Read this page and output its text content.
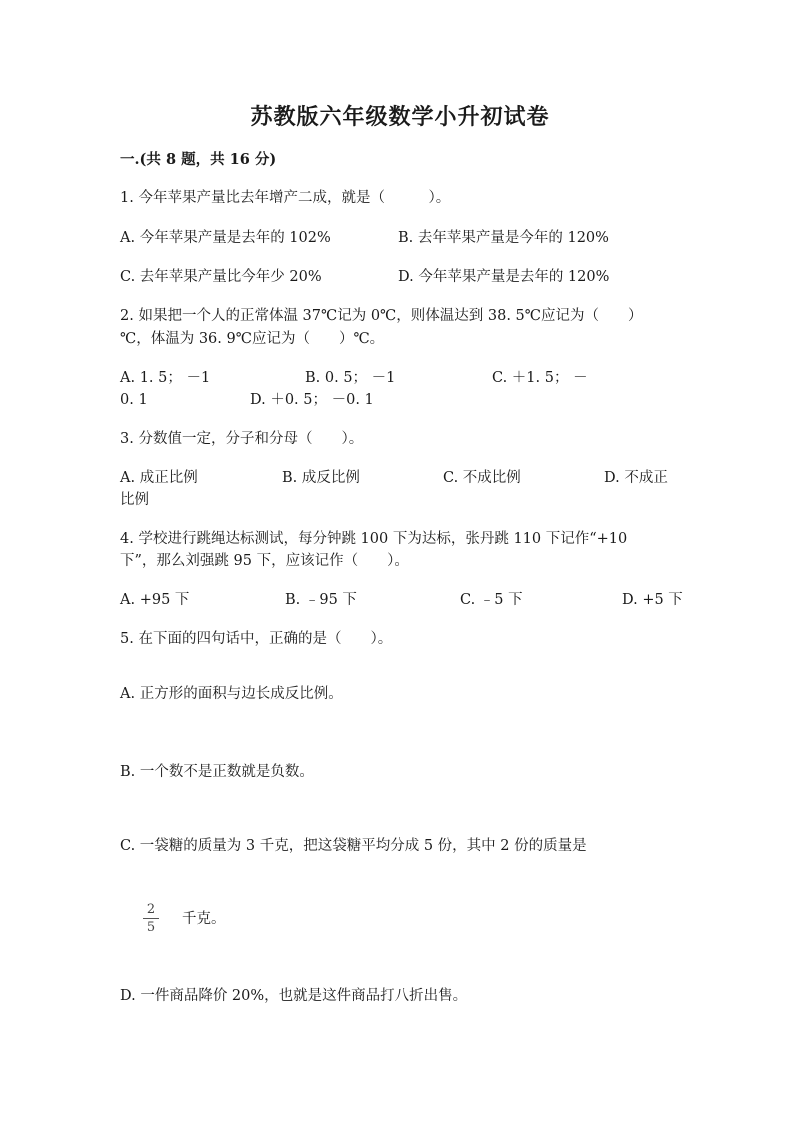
苏教版六年级数学小升初试卷
一.(共 8 题，共 16 分)
1. 今年苹果产量比去年增产二成，就是（　　　）。
A. 今年苹果产量是去年的 102%	B. 去年苹果产量是今年的 120%
C. 去年苹果产量比今年少 20%	D. 今年苹果产量是去年的 120%
2. 如果把一个人的正常体温 37℃记为 0℃，则体温达到 38. 5℃应记为（　　）
℃，体温为 36. 9℃应记为（　　）℃。
A. 1. 5； －1	B. 0. 5； －1	C. ＋1. 5； －
0. 1	D. ＋0. 5； －0. 1
3. 分数值一定，分子和分母（　　）。
A. 成正比例	B. 成反比例	C. 不成比例	D. 不成正
比例
4. 学校进行跳绳达标测试，每分钟跳 100 下为达标，张丹跳 110 下记作“+10
下”，那么刘强跳 95 下，应该记作（　　）。
A. +95 下	B. ﹣95 下	C. ﹣5 下	D. +5 下
5. 在下面的四句话中，正确的是（　　）。
A. 正方形的面积与边长成反比例。
B. 一个数不是正数就是负数。
C. 一袋糖的质量为 3 千克，把这袋糖平均分成 5 份，其中 2 份的质量是
2
5
千克。
D. 一件商品降价 20%，也就是这件商品打八折出售。
